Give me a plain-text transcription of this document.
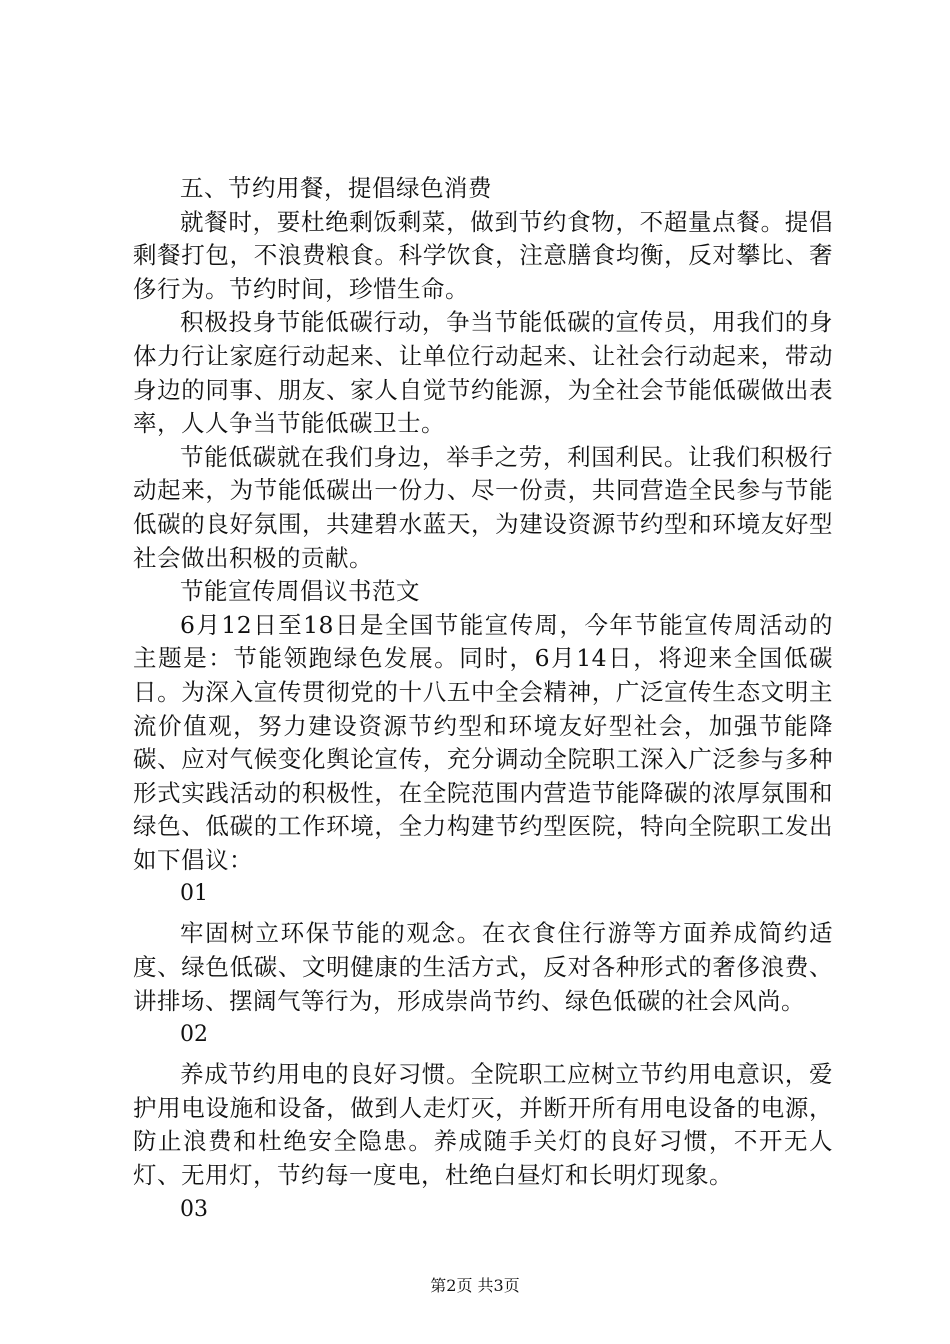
五、节约用餐，提倡绿色消费

就餐时，要杜绝剩饭剩菜，做到节约食物，不超量点餐。提倡剩餐打包，不浪费粮食。科学饮食，注意膳食均衡，反对攀比、奢侈行为。节约时间，珍惜生命。

积极投身节能低碳行动，争当节能低碳的宣传员，用我们的身体力行让家庭行动起来、让单位行动起来、让社会行动起来，带动身边的同事、朋友、家人自觉节约能源，为全社会节能低碳做出表率，人人争当节能低碳卫士。

节能低碳就在我们身边，举手之劳，利国利民。让我们积极行动起来，为节能低碳出一份力、尽一份责，共同营造全民参与节能低碳的良好氛围，共建碧水蓝天，为建设资源节约型和环境友好型社会做出积极的贡献。

节能宣传周倡议书范文

6月12日至18日是全国节能宣传周，今年节能宣传周活动的主题是：节能领跑绿色发展。同时，6月14日，将迎来全国低碳日。为深入宣传贯彻党的十八五中全会精神，广泛宣传生态文明主流价值观，努力建设资源节约型和环境友好型社会，加强节能降碳、应对气候变化舆论宣传，充分调动全院职工深入广泛参与多种形式实践活动的积极性，在全院范围内营造节能降碳的浓厚氛围和绿色、低碳的工作环境，全力构建节约型医院，特向全院职工发出如下倡议：

01

牢固树立环保节能的观念。在衣食住行游等方面养成简约适度、绿色低碳、文明健康的生活方式，反对各种形式的奢侈浪费、讲排场、摆阔气等行为，形成崇尚节约、绿色低碳的社会风尚。

02

养成节约用电的良好习惯。全院职工应树立节约用电意识，爱护用电设施和设备，做到人走灯灭，并断开所有用电设备的电源，防止浪费和杜绝安全隐患。养成随手关灯的良好习惯，不开无人灯、无用灯，节约每一度电，杜绝白昼灯和长明灯现象。

03

第2页 共3页
